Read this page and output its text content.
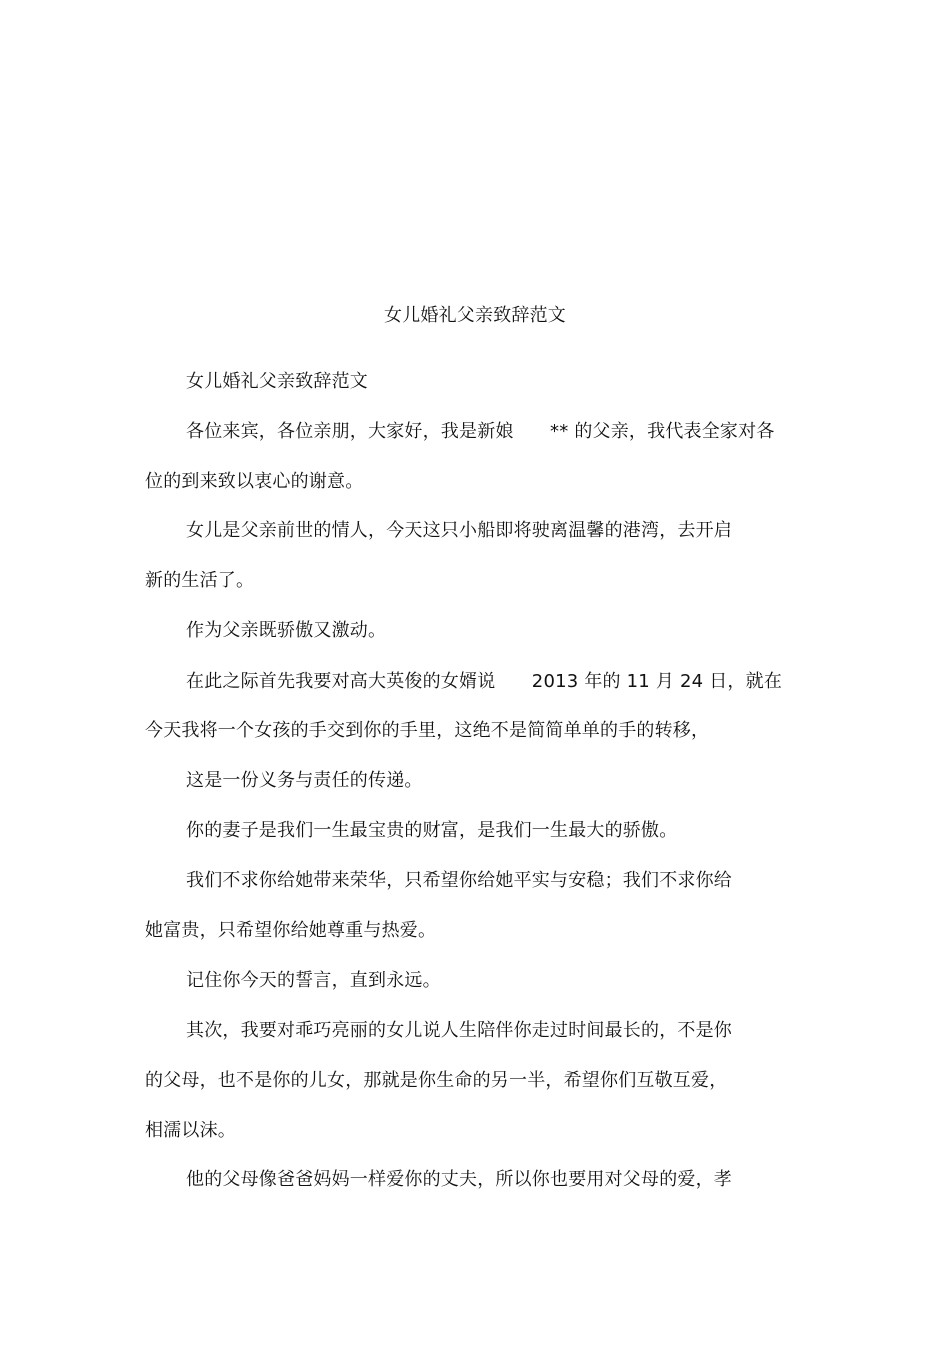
女儿婚礼父亲致辞范文
女儿婚礼父亲致辞范文
各位来宾，各位亲朋，大家好，我是新娘　　** 的父亲，我代表全家对各
位的到来致以衷心的谢意。
女儿是父亲前世的情人，今天这只小船即将驶离温馨的港湾，去开启
新的生活了。
作为父亲既骄傲又激动。
在此之际首先我要对高大英俊的女婿说　　2013 年的 11 月 24 日，就在
今天我将一个女孩的手交到你的手里，这绝不是简简单单的手的转移，
这是一份义务与责任的传递。
你的妻子是我们一生最宝贵的财富，是我们一生最大的骄傲。
我们不求你给她带来荣华，只希望你给她平实与安稳；我们不求你给
她富贵，只希望你给她尊重与热爱。
记住你今天的誓言，直到永远。
其次，我要对乖巧亮丽的女儿说人生陪伴你走过时间最长的，不是你
的父母，也不是你的儿女，那就是你生命的另一半，希望你们互敬互爱，
相濡以沫。
他的父母像爸爸妈妈一样爱你的丈夫，所以你也要用对父母的爱，孝
